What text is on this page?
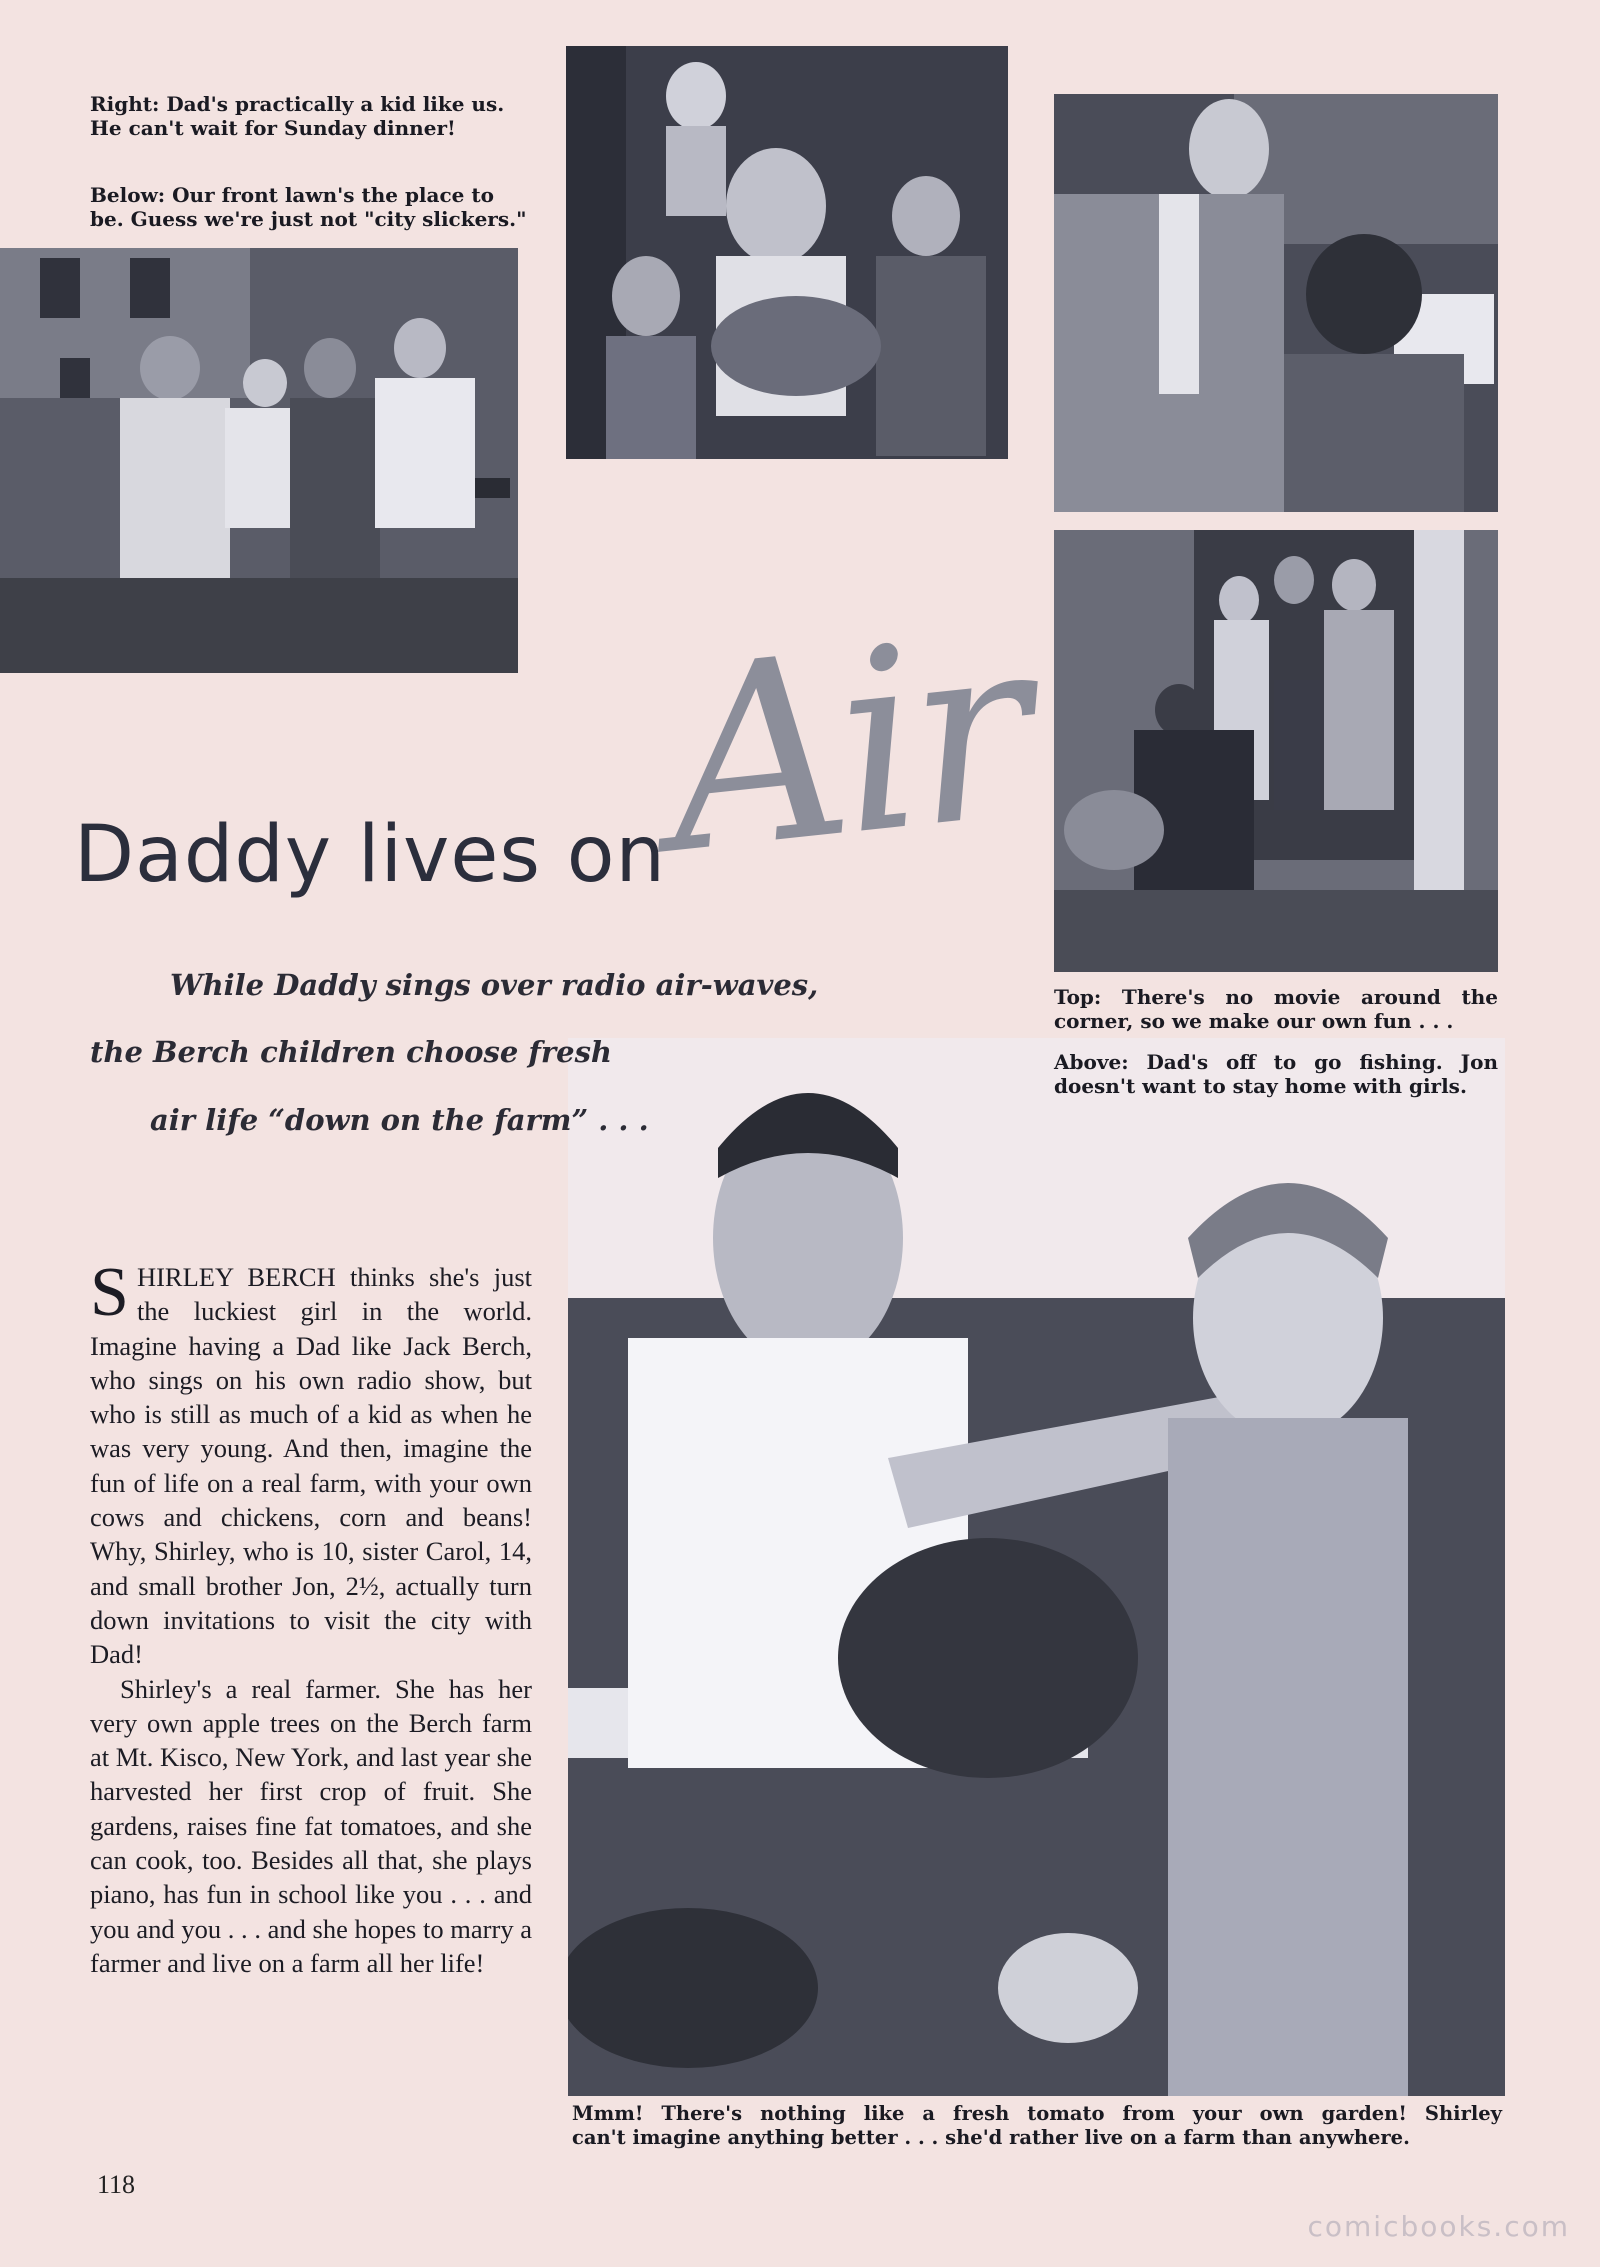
Right: Dad's practically a kid like us.
He can't wait for Sunday dinner!
Below: Our front lawn's the place to
be. Guess we're just not "city slickers."
Top: There's no movie around the
corner, so we make our own fun . . .
Above: Dad's off to go fishing. Jon
doesn't want to stay home with girls.
Mmm! There's nothing like a fresh tomato from your own garden! Shirley
can't imagine anything better . . . she'd rather live on a farm than anywhere.
Air
Daddy lives on
While Daddy sings over radio air-waves,
the Berch children choose fresh
air life “down on the farm” . . .

SHIRLEY BERCH thinks she's just the luckiest girl in the world. Imagine having a Dad like Jack Berch, who sings on his own radio show, but who is still as much of a kid as when he was very young. And then, imagine the fun of life on a real farm, with your own cows and chickens, corn and beans! Why, Shirley, who is 10, sister Carol, 14, and small brother Jon, 2½, actually turn down invitations to visit the city with Dad!

Shirley's a real farmer. She has her very own apple trees on the Berch farm at Mt. Kisco, New York, and last year she harvested her first crop of fruit. She gardens, raises fine fat tomatoes, and she can cook, too. Besides all that, she plays piano, has fun in school like you . . . and you and you . . . and she hopes to marry a farmer and live on a farm all her life!

118
comicbooks.com
